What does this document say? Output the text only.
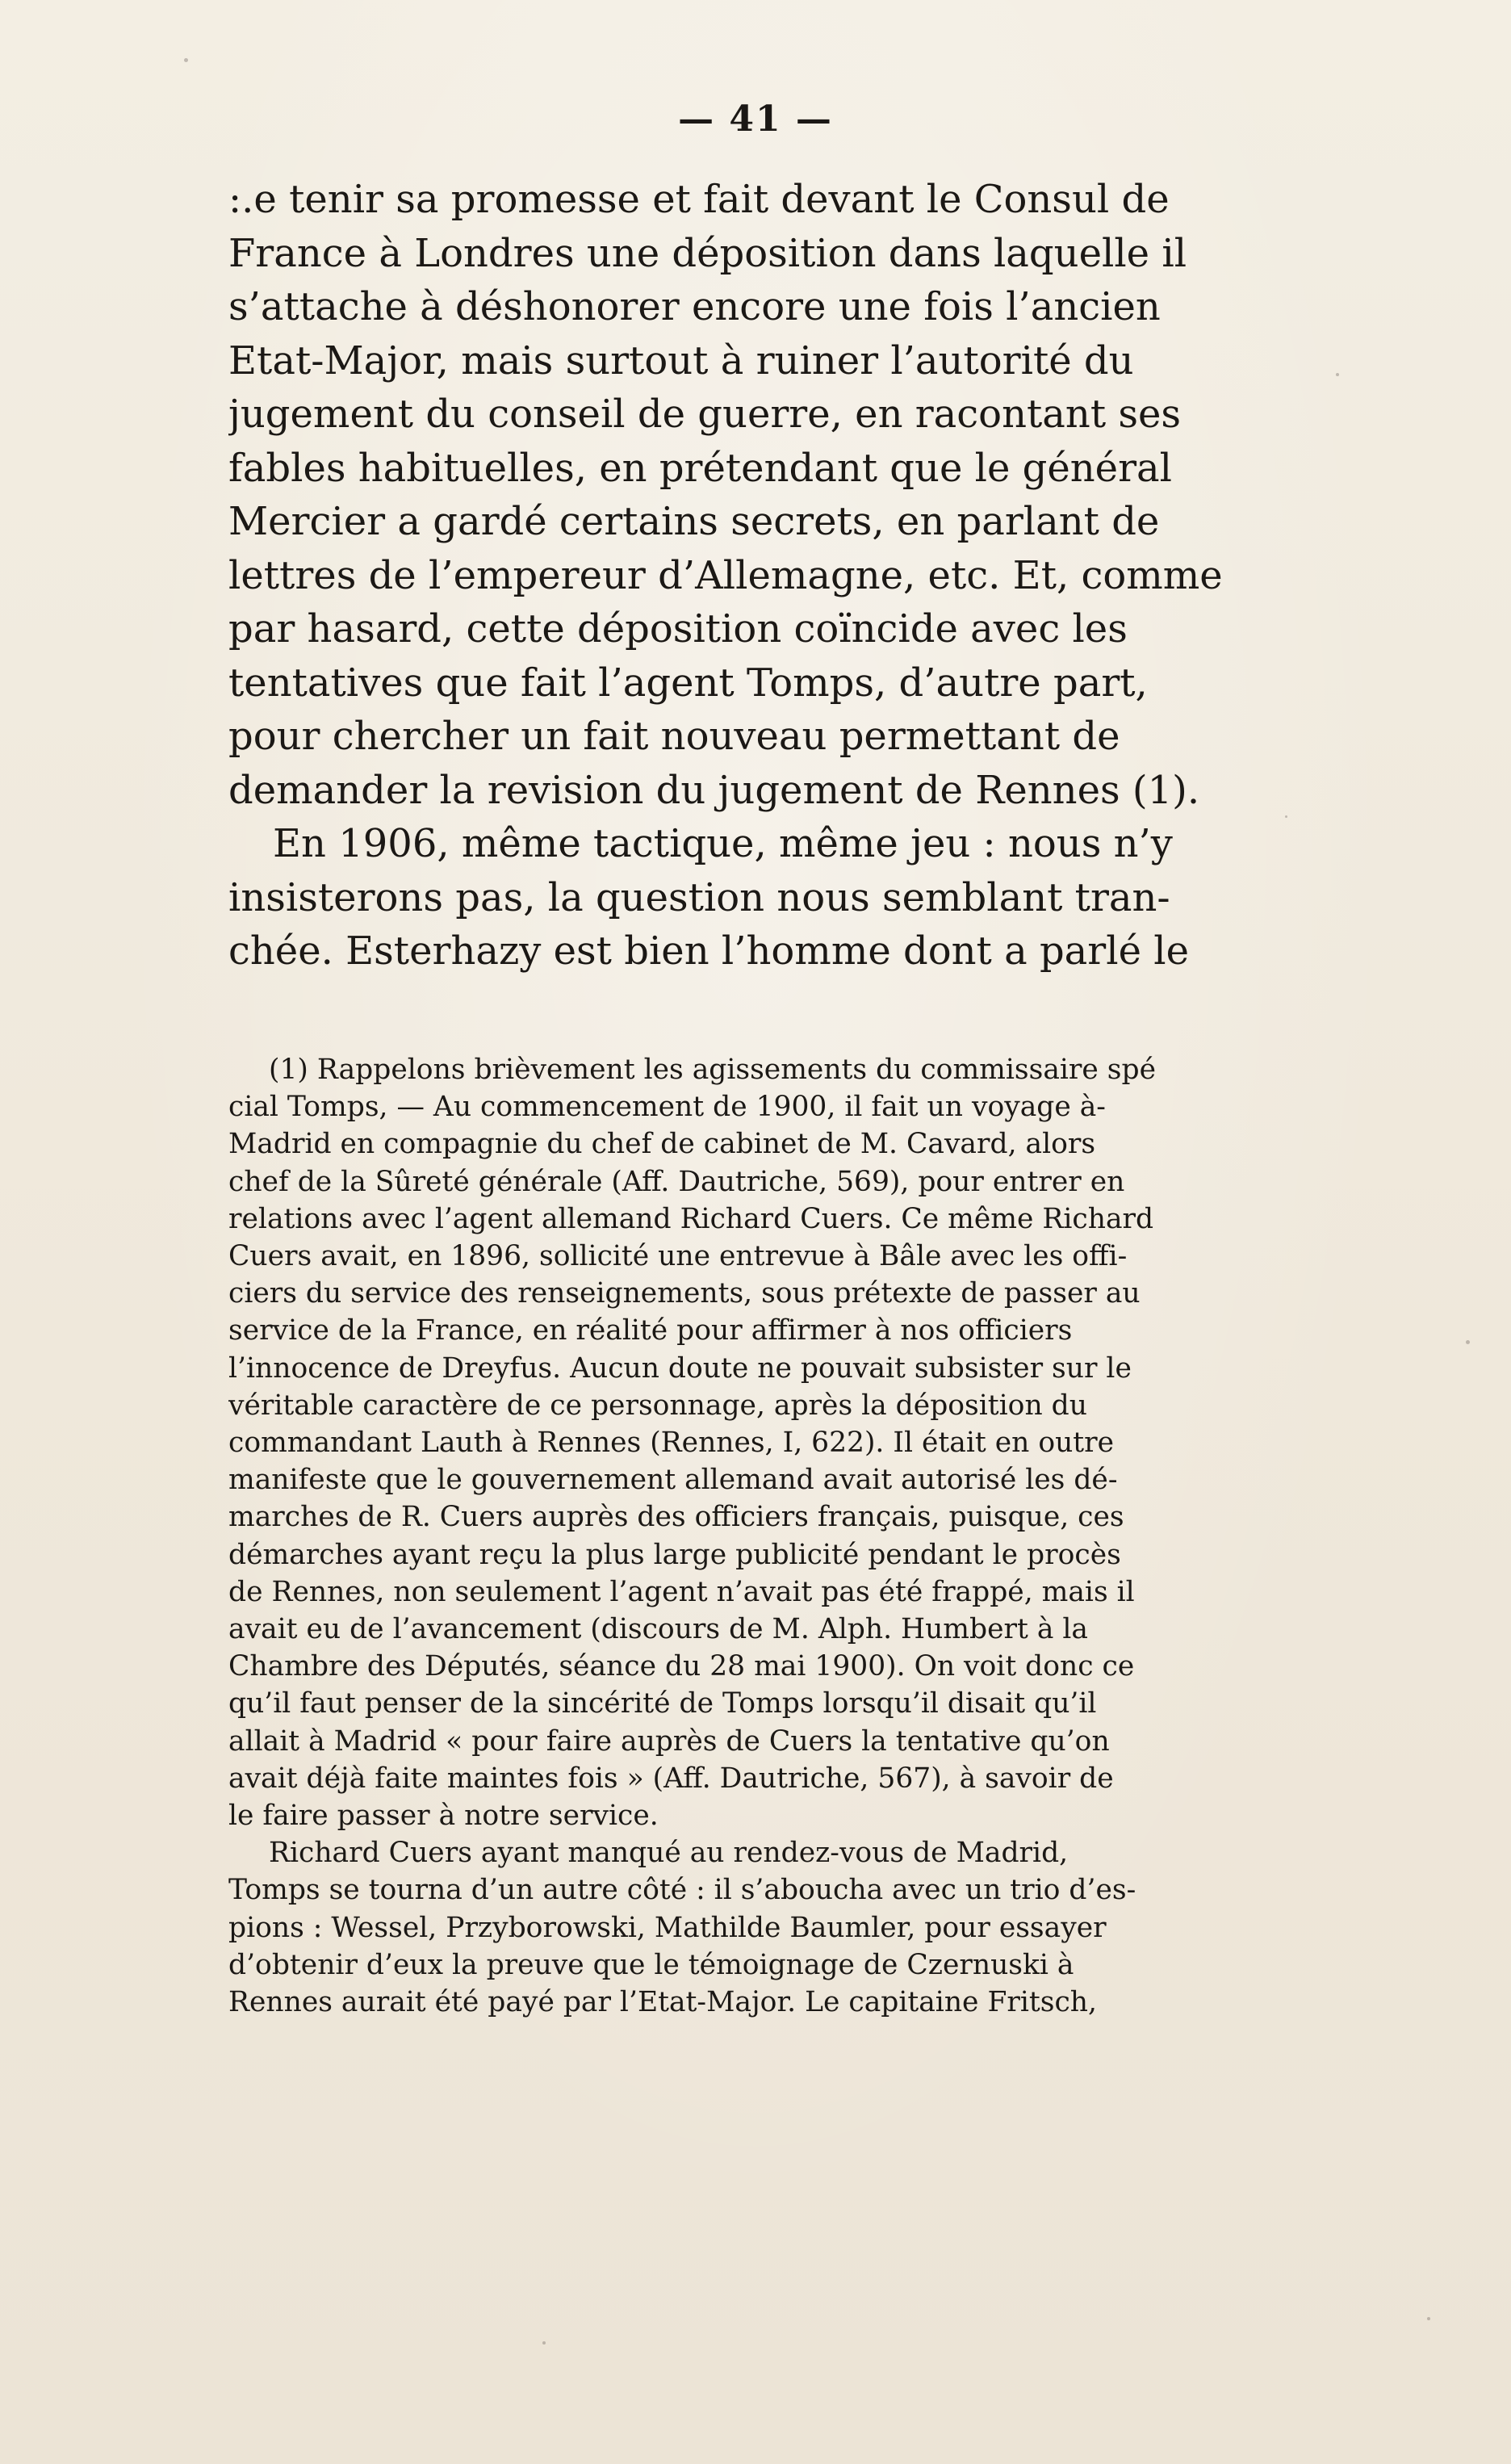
— 41 —
:.e tenir sa promesse et fait devant le Consul de
France à Londres une déposition dans laquelle il
s’attache à déshonorer encore une fois l’ancien
Etat-Major, mais surtout à ruiner l’autorité du
jugement du conseil de guerre, en racontant ses
fables habituelles, en prétendant que le général
Mercier a gardé certains secrets, en parlant de
lettres de l’empereur d’Allemagne, etc. Et, comme
par hasard, cette déposition coïncide avec les
tentatives que fait l’agent Tomps, d’autre part,
pour chercher un fait nouveau permettant de
demander la revision du jugement de Rennes (1).
En 1906, même tactique, même jeu : nous n’y
insisterons pas, la question nous semblant tran-
chée. Esterhazy est bien l’homme dont a parlé le
(1) Rappelons brièvement les agissements du commissaire spé
cial Tomps, — Au commencement de 1900, il fait un voyage à-
Madrid en compagnie du chef de cabinet de M. Cavard, alors
chef de la Sûreté générale (Aff. Dautriche, 569), pour entrer en
relations avec l’agent allemand Richard Cuers. Ce même Richard
Cuers avait, en 1896, sollicité une entrevue à Bâle avec les offi-
ciers du service des renseignements, sous prétexte de passer au
service de la France, en réalité pour affirmer à nos officiers
l’innocence de Dreyfus. Aucun doute ne pouvait subsister sur le
véritable caractère de ce personnage, après la déposition du
commandant Lauth à Rennes (Rennes, I, 622). Il était en outre
manifeste que le gouvernement allemand avait autorisé les dé-
marches de R. Cuers auprès des officiers français, puisque, ces
démarches ayant reçu la plus large publicité pendant le procès
de Rennes, non seulement l’agent n’avait pas été frappé, mais il
avait eu de l’avancement (discours de M. Alph. Humbert à la
Chambre des Députés, séance du 28 mai 1900). On voit donc ce
qu’il faut penser de la sincérité de Tomps lorsqu’il disait qu’il
allait à Madrid « pour faire auprès de Cuers la tentative qu’on
avait déjà faite maintes fois » (Aff. Dautriche, 567), à savoir de
le faire passer à notre service.
Richard Cuers ayant manqué au rendez-vous de Madrid,
Tomps se tourna d’un autre côté : il s’aboucha avec un trio d’es-
pions : Wessel, Przyborowski, Mathilde Baumler, pour essayer
d’obtenir d’eux la preuve que le témoignage de Czernuski à
Rennes aurait été payé par l’Etat-Major. Le capitaine Fritsch,
